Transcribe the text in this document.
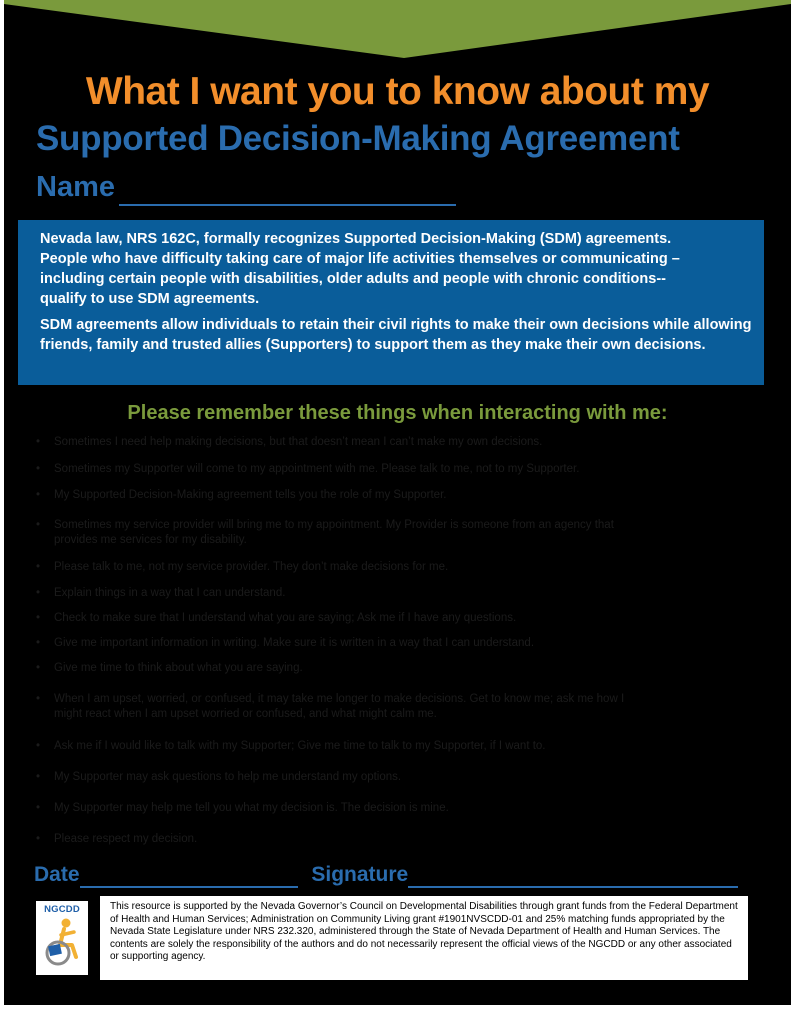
What I want you to know about my
Supported Decision-Making Agreement
Name

Nevada law, NRS 162C, formally recognizes Supported Decision-Making (SDM) agreements. People who have difficulty taking care of major life activities themselves or communicating – including certain people with disabilities, older adults and people with chronic conditions--qualify to use SDM agreements.

SDM agreements allow individuals to retain their civil rights to make their own decisions while allowing friends, family and trusted allies (Supporters) to support them as they make their own decisions.

Please remember these things when interacting with me:
• Sometimes I need help making decisions, but that doesn’t mean I can’t make my own decisions.
• Sometimes my Supporter will come to my appointment with me. Please talk to me, not to my Supporter.
• My Supported Decision-Making agreement tells you the role of my Supporter.
• Sometimes my service provider will bring me to my appointment. My Provider is someone from an agency that provides me services for my disability.
• Please talk to me, not my service provider. They don’t make decisions for me.
• Explain things in a way that I can understand.
• Check to make sure that I understand what you are saying; Ask me if I have any questions.
• Give me important information in writing. Make sure it is written in a way that I can understand.
• Give me time to think about what you are saying.
• When I am upset, worried, or confused, it may take me longer to make decisions. Get to know me; ask me how I might react when I am upset worried or confused, and what might calm me.
• Ask me if I would like to talk with my Supporter; Give me time to talk to my Supporter, if I want to.
• My Supporter may ask questions to help me understand my options.
• My Supporter may help me tell you what my decision is. The decision is mine.
• Please respect my decision.
Date	Signature
NGCDD	This resource is supported by the Nevada Governor’s Council on Developmental Disabilities through grant funds from the Federal Department of Health and Human Services; Administration on Community Living grant #1901NVSCDD-01 and 25% matching funds appropriated by the Nevada State Legislature under NRS 232.320, administered through the State of Nevada Department of Health and Human Services. The contents are solely the responsibility of the authors and do not necessarily represent the official views of the NGCDD or any other associated or supporting agency.
